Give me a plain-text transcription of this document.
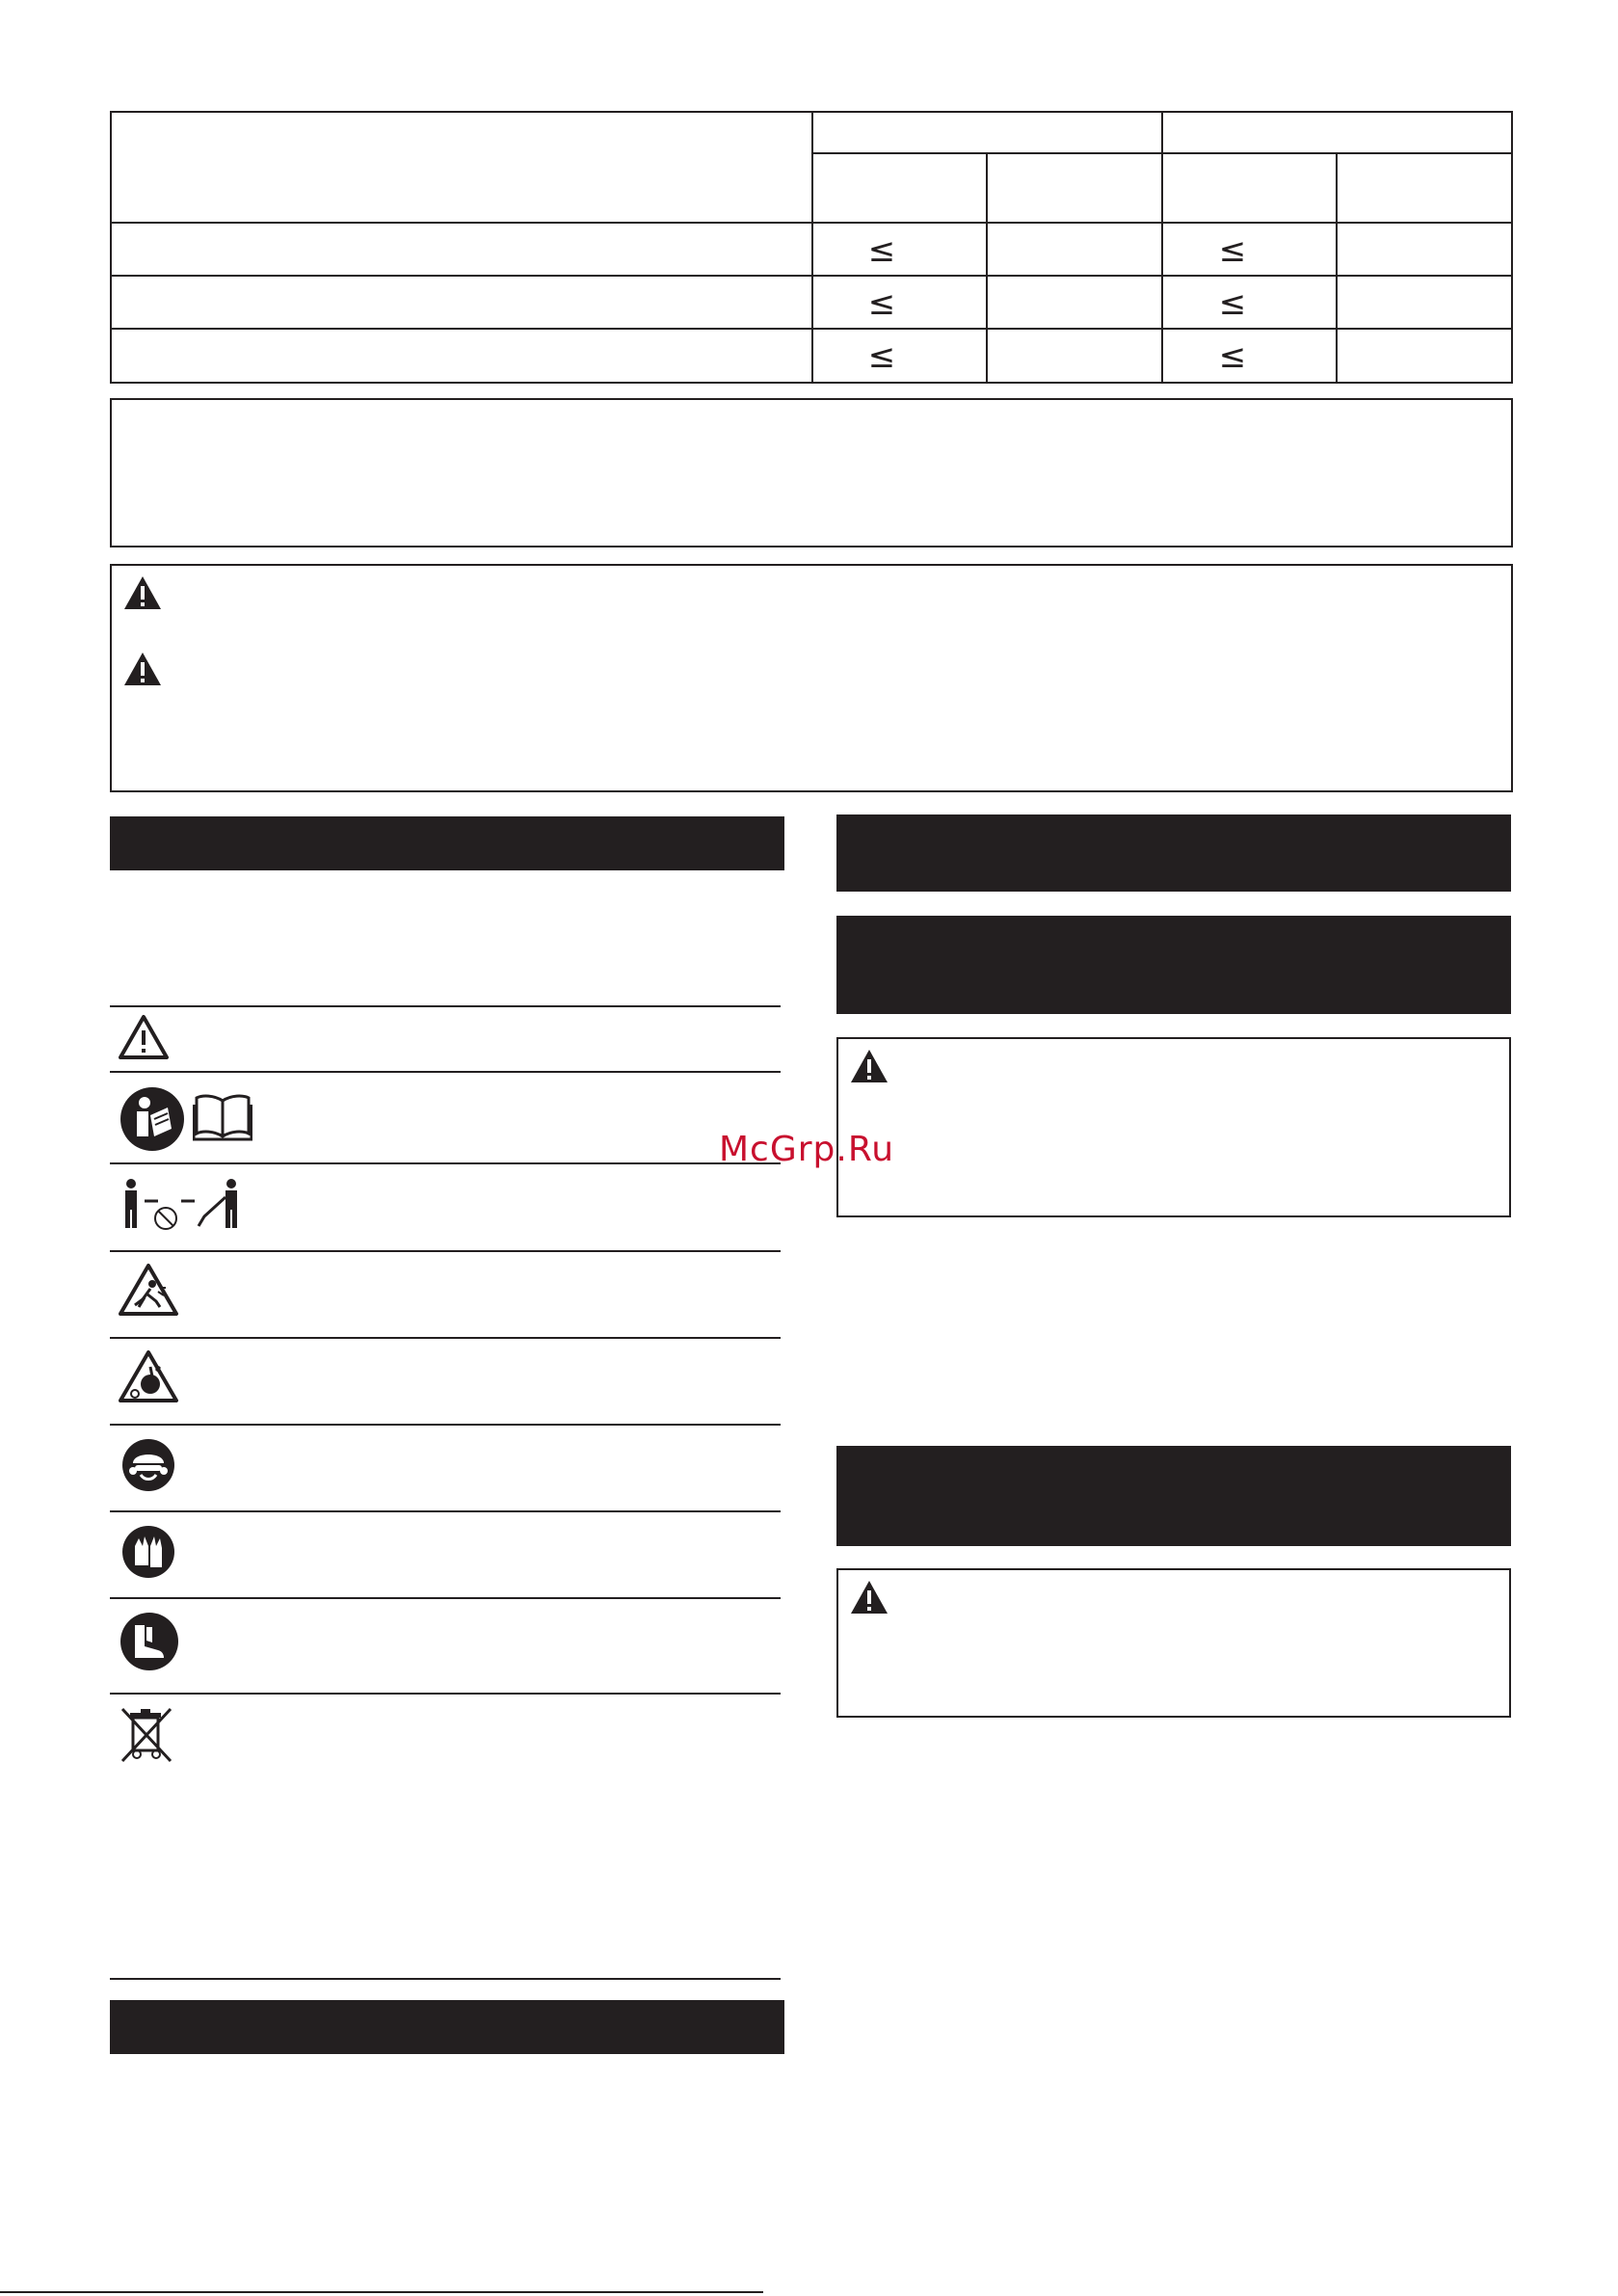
≤	≤
≤	≤
≤	≤
McGrp.Ru
